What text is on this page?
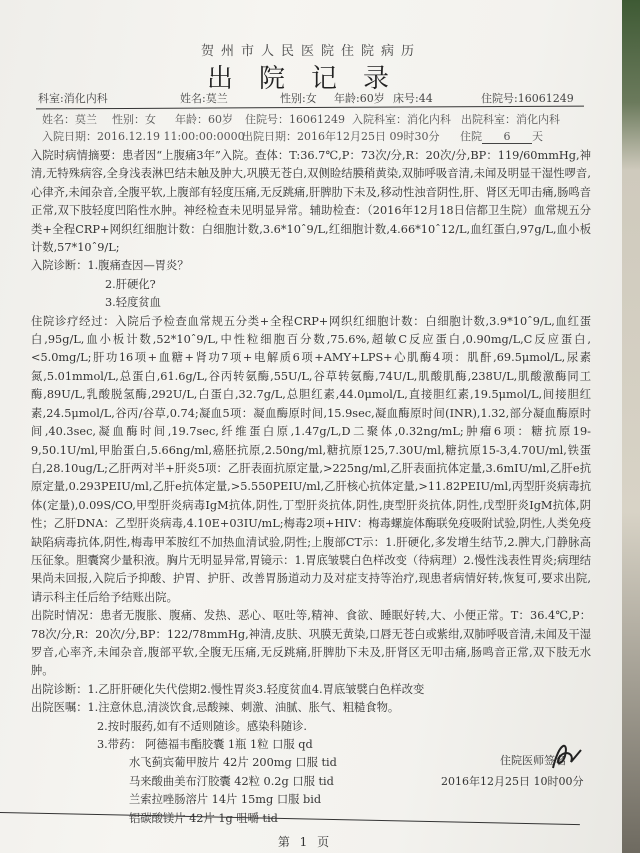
贺州市人民医院住院病历
出院记录
科室:消化内科	姓名:莫兰	性别:女 年龄:60岁 床号:44	住院号:16061249
姓名：莫兰 性别：女 年龄：60岁 住院号：16061249 入院科室：消化内科 出院科室：消化内科
入院日期：2016.12.19 11:00:00:0000
出院日期：2016年12月25日 09时30分 住院 6 天

入院时病情摘要：患者因“上腹痛3年”入院。查体：T:36.7℃,P：73次/分,R：20次/分,BP：119/60mmHg,神清,无特殊病容,全身浅表淋巴结未触及肿大,巩膜无苍白,双侧睑结膜稍黄染,双肺呼吸音清,未闻及明显干湿性啰音,心律齐,未闻杂音,全腹平软,上腹部有轻度压痛,无反跳痛,肝脾肋下未及,移动性浊音阴性,肝、肾区无叩击痛,肠鸣音正常,双下肢轻度凹陷性水肿。神经检查未见明显异常。辅助检查：（2016年12月18日信都卫生院）血常规五分类+全程CRP+网织红细胞计数：白细胞计数,3.6*10ˆ9/L,红细胞计数,4.66*10ˆ12/L,血红蛋白,97g/L,血小板计数,57*10ˆ9/L;

入院诊断：1.腹痛查因—胃炎？

2.肝硬化?

3.轻度贫血

住院诊疗经过：入院后予检查血常规五分类+全程CRP+网织红细胞计数：白细胞计数,3.9*10ˆ9/L,血红蛋白,95g/L,血小板计数,52*10ˆ9/L,中性粒细胞百分数,75.6%,超敏C反应蛋白,0.90mg/L,C反应蛋白,<5.0mg/L;肝功16项+血糖+肾功7项+电解质6项+AMY+LPS+心肌酶4项：肌酐,69.5μmol/L,尿素氮,5.01mmol/L,总蛋白,61.6g/L,谷丙转氨酶,55U/L,谷草转氨酶,74U/L,肌酸肌酶,238U/L,肌酸激酶同工酶,89U/L,乳酸脱氢酶,292U/L,白蛋白,32.7g/L,总胆红素,44.0μmol/L,直接胆红素,19.5μmol/L,间接胆红素,24.5μmol/L,谷丙/谷草,0.74;凝血5项：凝血酶原时间,15.9sec,凝血酶原时间(INR),1.32,部分凝血酶原时间,40.3sec,凝血酶时间,19.7sec,纤维蛋白原,1.47g/L,D二聚体,0.32ng/mL;肿瘤6项：糖抗原19-9,50.1U/ml,甲胎蛋白,5.66ng/ml,癌胚抗原,2.50ng/ml,糖抗原125,7.30U/ml,糖抗原15-3,4.70U/ml,铁蛋白,28.10ug/L;乙肝两对半+肝炎5项：乙肝表面抗原定量,>225ng/ml,乙肝表面抗体定量,3.6mIU/ml,乙肝e抗原定量,0.293PEIU/ml,乙肝e抗体定量,>5.550PEIU/ml,乙肝核心抗体定量,>11.82PEIU/ml,丙型肝炎病毒抗体(定量),0.09S/CO,甲型肝炎病毒IgM抗体,阴性,丁型肝炎抗体,阴性,庚型肝炎抗体,阴性,戊型肝炎IgM抗体,阴性；乙肝DNA：乙型肝炎病毒,4.10E+03IU/mL;梅毒2项+HIV：梅毒螺旋体酶联免疫吸附试验,阴性,人类免疫缺陷病毒抗体,阴性,梅毒甲苯胺红不加热血清试验,阴性;上腹部CT示：1.肝硬化,多发增生结节,2.脾大,门静脉高压征象。胆囊窝少量积液。胸片无明显异常,胃镜示：1.胃底皱襞白色样改变（待病理）2.慢性浅表性胃炎;病理结果尚未回报,入院后予抑酸、护胃、护肝、改善胃肠道动力及对症支持等治疗,现患者病情好转,恢复可,要求出院,请示科主任后给予结账出院。

出院时情况：患者无腹胀、腹痛、发热、恶心、呕吐等,精神、食欲、睡眠好转,大、小便正常。T：36.4℃,P：78次/分,R：20次/分,BP：122/78mmHg,神清,皮肤、巩膜无黄染,口唇无苍白或紫绀,双肺呼吸音清,未闻及干湿罗音,心率齐,未闻杂音,腹部平软,全腹无压痛,无反跳痛,肝脾肋下未及,肝肾区无叩击痛,肠鸣音正常,双下肢无水肿。

出院诊断：1.乙肝肝硬化失代偿期2.慢性胃炎3.轻度贫血4.胃底皱襞白色样改变

出院医嘱：1.注意休息,清淡饮食,忌酸辣、刺激、油腻、胀气、粗糙食物。

2.按时服药,如有不适则随诊。感染科随诊.

3.带药： 阿德福韦酯胶囊 1瓶 1粒 口服 qd

水飞蓟宾葡甲胺片 42片 200mg 口服 tid

马来酸曲美布汀胶囊 42粒 0.2g 口服 tid

兰索拉唑肠溶片 14片 15mg 口服 bid

铝碳酸镁片 42片 1g 咀嚼 tid

住院医师签名
2016年12月25日 10时00分
第 1 页
